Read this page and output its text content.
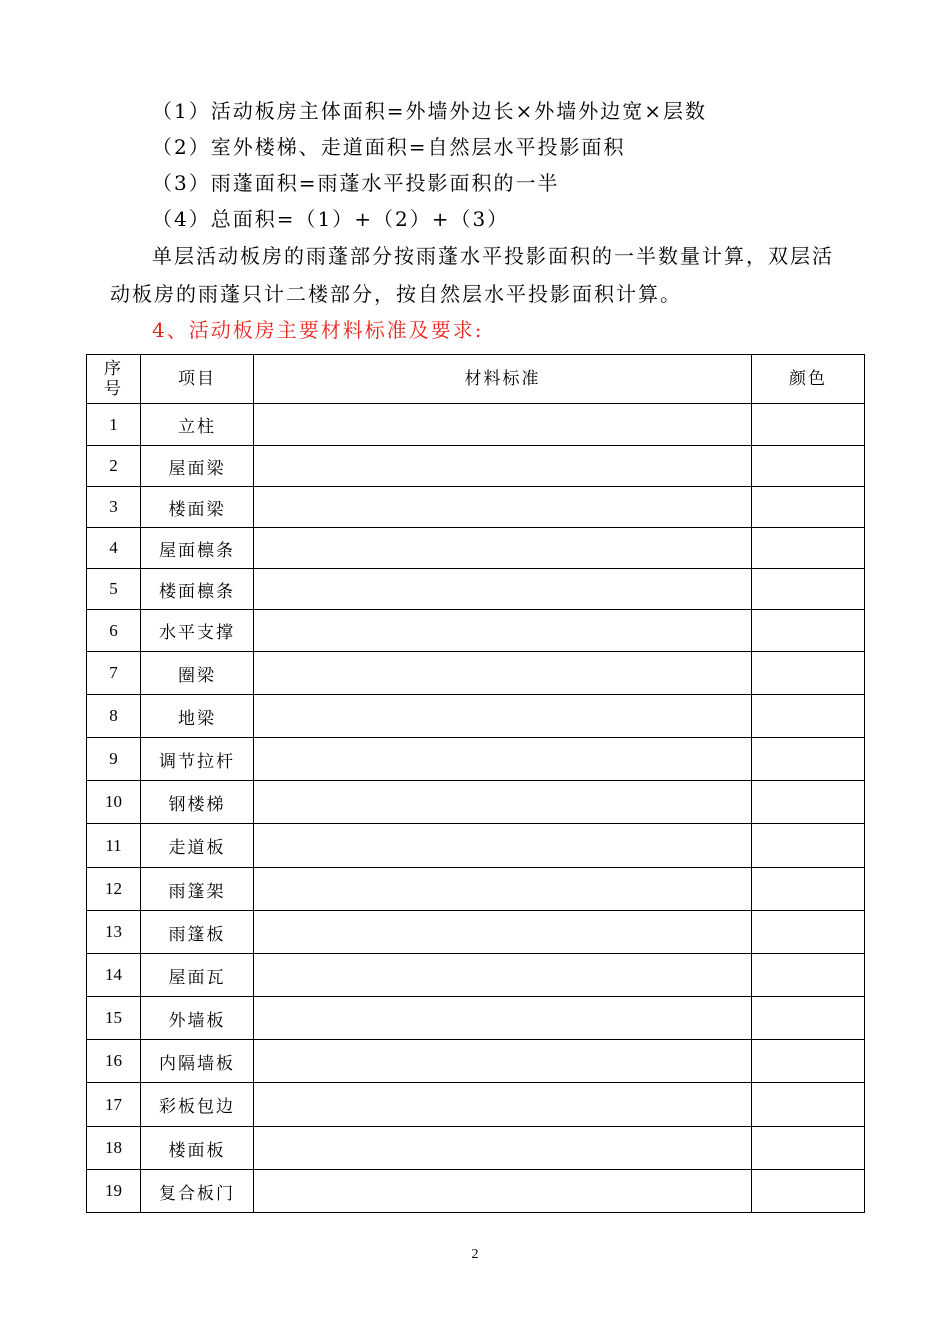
（1）活动板房主体面积=外墙外边长×外墙外边宽×层数
（2）室外楼梯、走道面积=自然层水平投影面积
（3）雨蓬面积=雨蓬水平投影面积的一半
（4）总面积=（1）+（2）+（3）
单层活动板房的雨蓬部分按雨蓬水平投影面积的一半数量计算，双层活
动板房的雨蓬只计二楼部分，按自然层水平投影面积计算。
4、活动板房主要材料标准及要求:
序
号	项目	材料标准	颜色
1	立柱		
2	屋面梁		
3	楼面梁		
4	屋面檩条		
5	楼面檩条		
6	水平支撑		
7	圈梁		
8	地梁		
9	调节拉杆		
10	钢楼梯		
11	走道板		
12	雨篷架		
13	雨篷板		
14	屋面瓦		
15	外墙板		
16	内隔墙板		
17	彩板包边		
18	楼面板		
19	复合板门		
2
